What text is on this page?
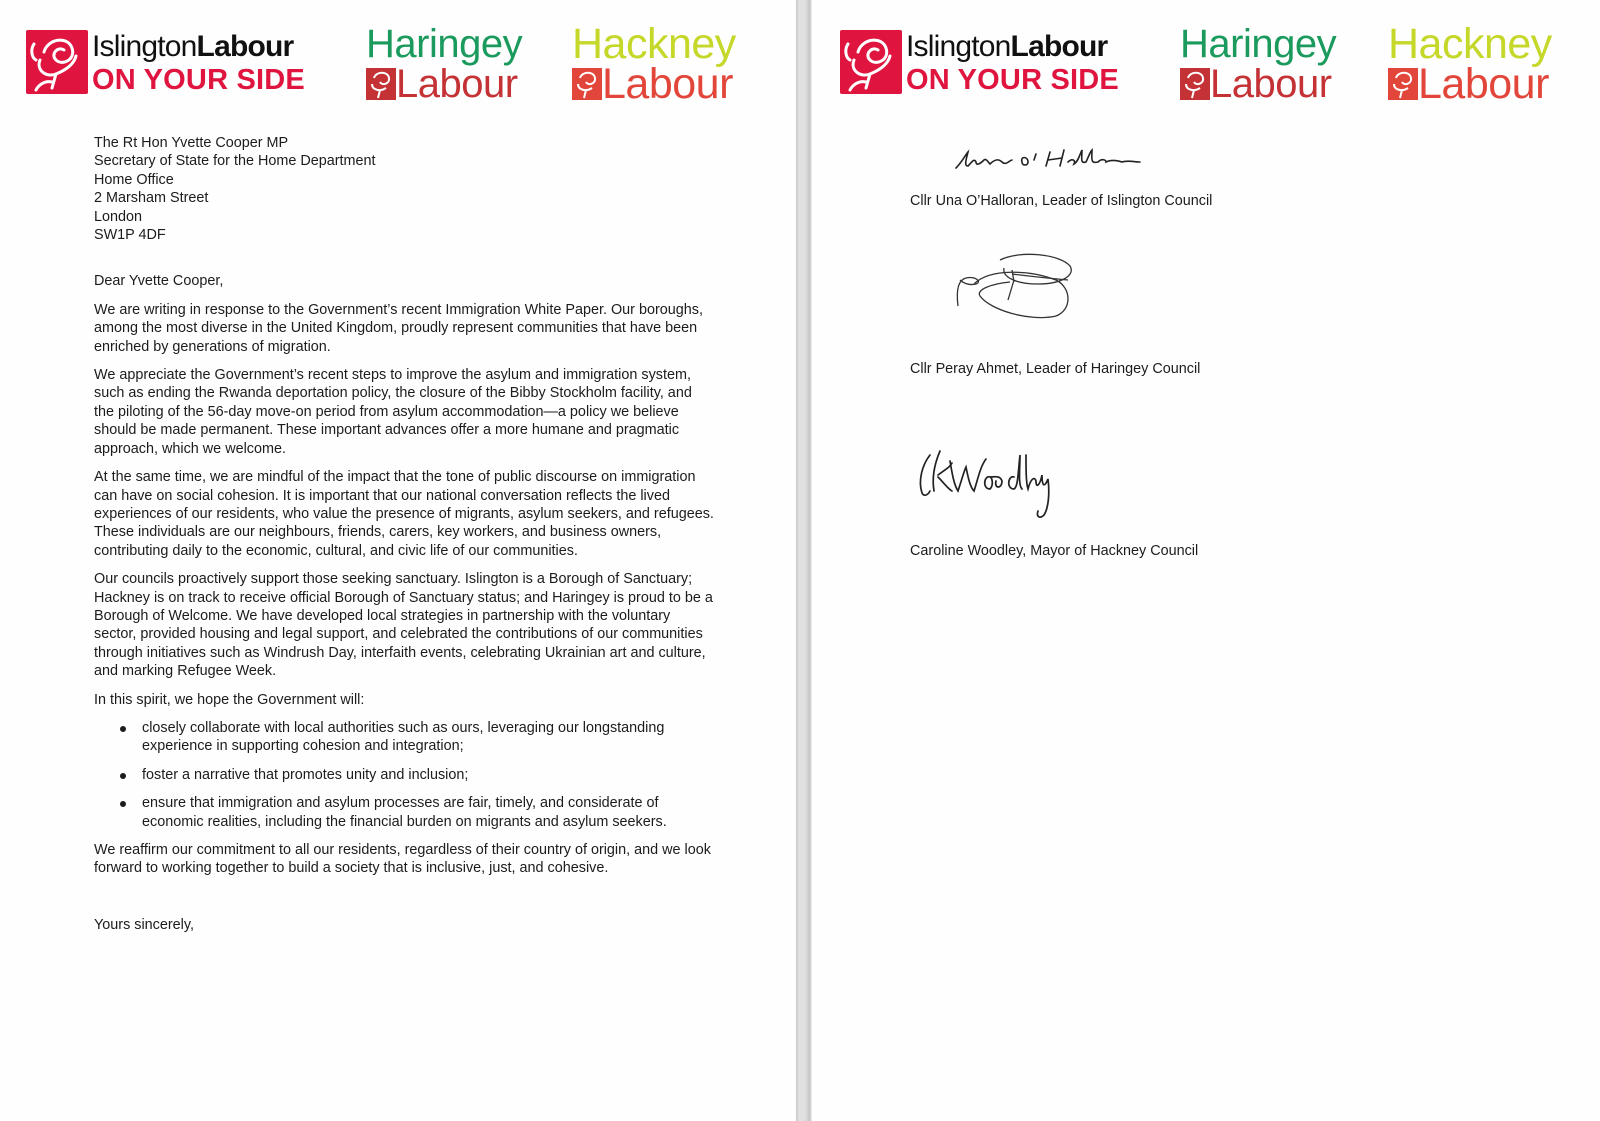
IslingtonLabour
ON YOUR SIDE
Haringey
Labour
Hackney
Labour
The Rt Hon Yvette Cooper MP
Secretary of State for the Home Department
Home Office
2 Marsham Street
London
SW1P 4DF
Dear Yvette Cooper,
We are writing in response to the Government’s recent Immigration White Paper. Our boroughs, among the most diverse in the United Kingdom, proudly represent communities that have been enriched by generations of migration.
We appreciate the Government’s recent steps to improve the asylum and immigration system, such as ending the Rwanda deportation policy, the closure of the Bibby Stockholm facility, and the piloting of the 56-day move-on period from asylum accommodation—a policy we believe should be made permanent. These important advances offer a more humane and pragmatic approach, which we welcome.
At the same time, we are mindful of the impact that the tone of public discourse on immigration can have on social cohesion. It is important that our national conversation reflects the lived experiences of our residents, who value the presence of migrants, asylum seekers, and refugees. These individuals are our neighbours, friends, carers, key workers, and business owners, contributing daily to the economic, cultural, and civic life of our communities.
Our councils proactively support those seeking sanctuary. Islington is a Borough of Sanctuary; Hackney is on track to receive official Borough of Sanctuary status; and Haringey is proud to be a Borough of Welcome. We have developed local strategies in partnership with the voluntary sector, provided housing and legal support, and celebrated the contributions of our communities through initiatives such as Windrush Day, interfaith events, celebrating Ukrainian art and culture, and marking Refugee Week.
In this spirit, we hope the Government will:
closely collaborate with local authorities such as ours, leveraging our longstanding experience in supporting cohesion and integration;
foster a narrative that promotes unity and inclusion;
ensure that immigration and asylum processes are fair, timely, and considerate of economic realities, including the financial burden on migrants and asylum seekers.
We reaffirm our commitment to all our residents, regardless of their country of origin, and we look forward to working together to build a society that is inclusive, just, and cohesive.
Yours sincerely,
IslingtonLabour
ON YOUR SIDE
Haringey
Labour
Hackney
Labour
Cllr Una O’Halloran, Leader of Islington Council
Cllr Peray Ahmet, Leader of Haringey Council
Caroline Woodley, Mayor of Hackney Council
